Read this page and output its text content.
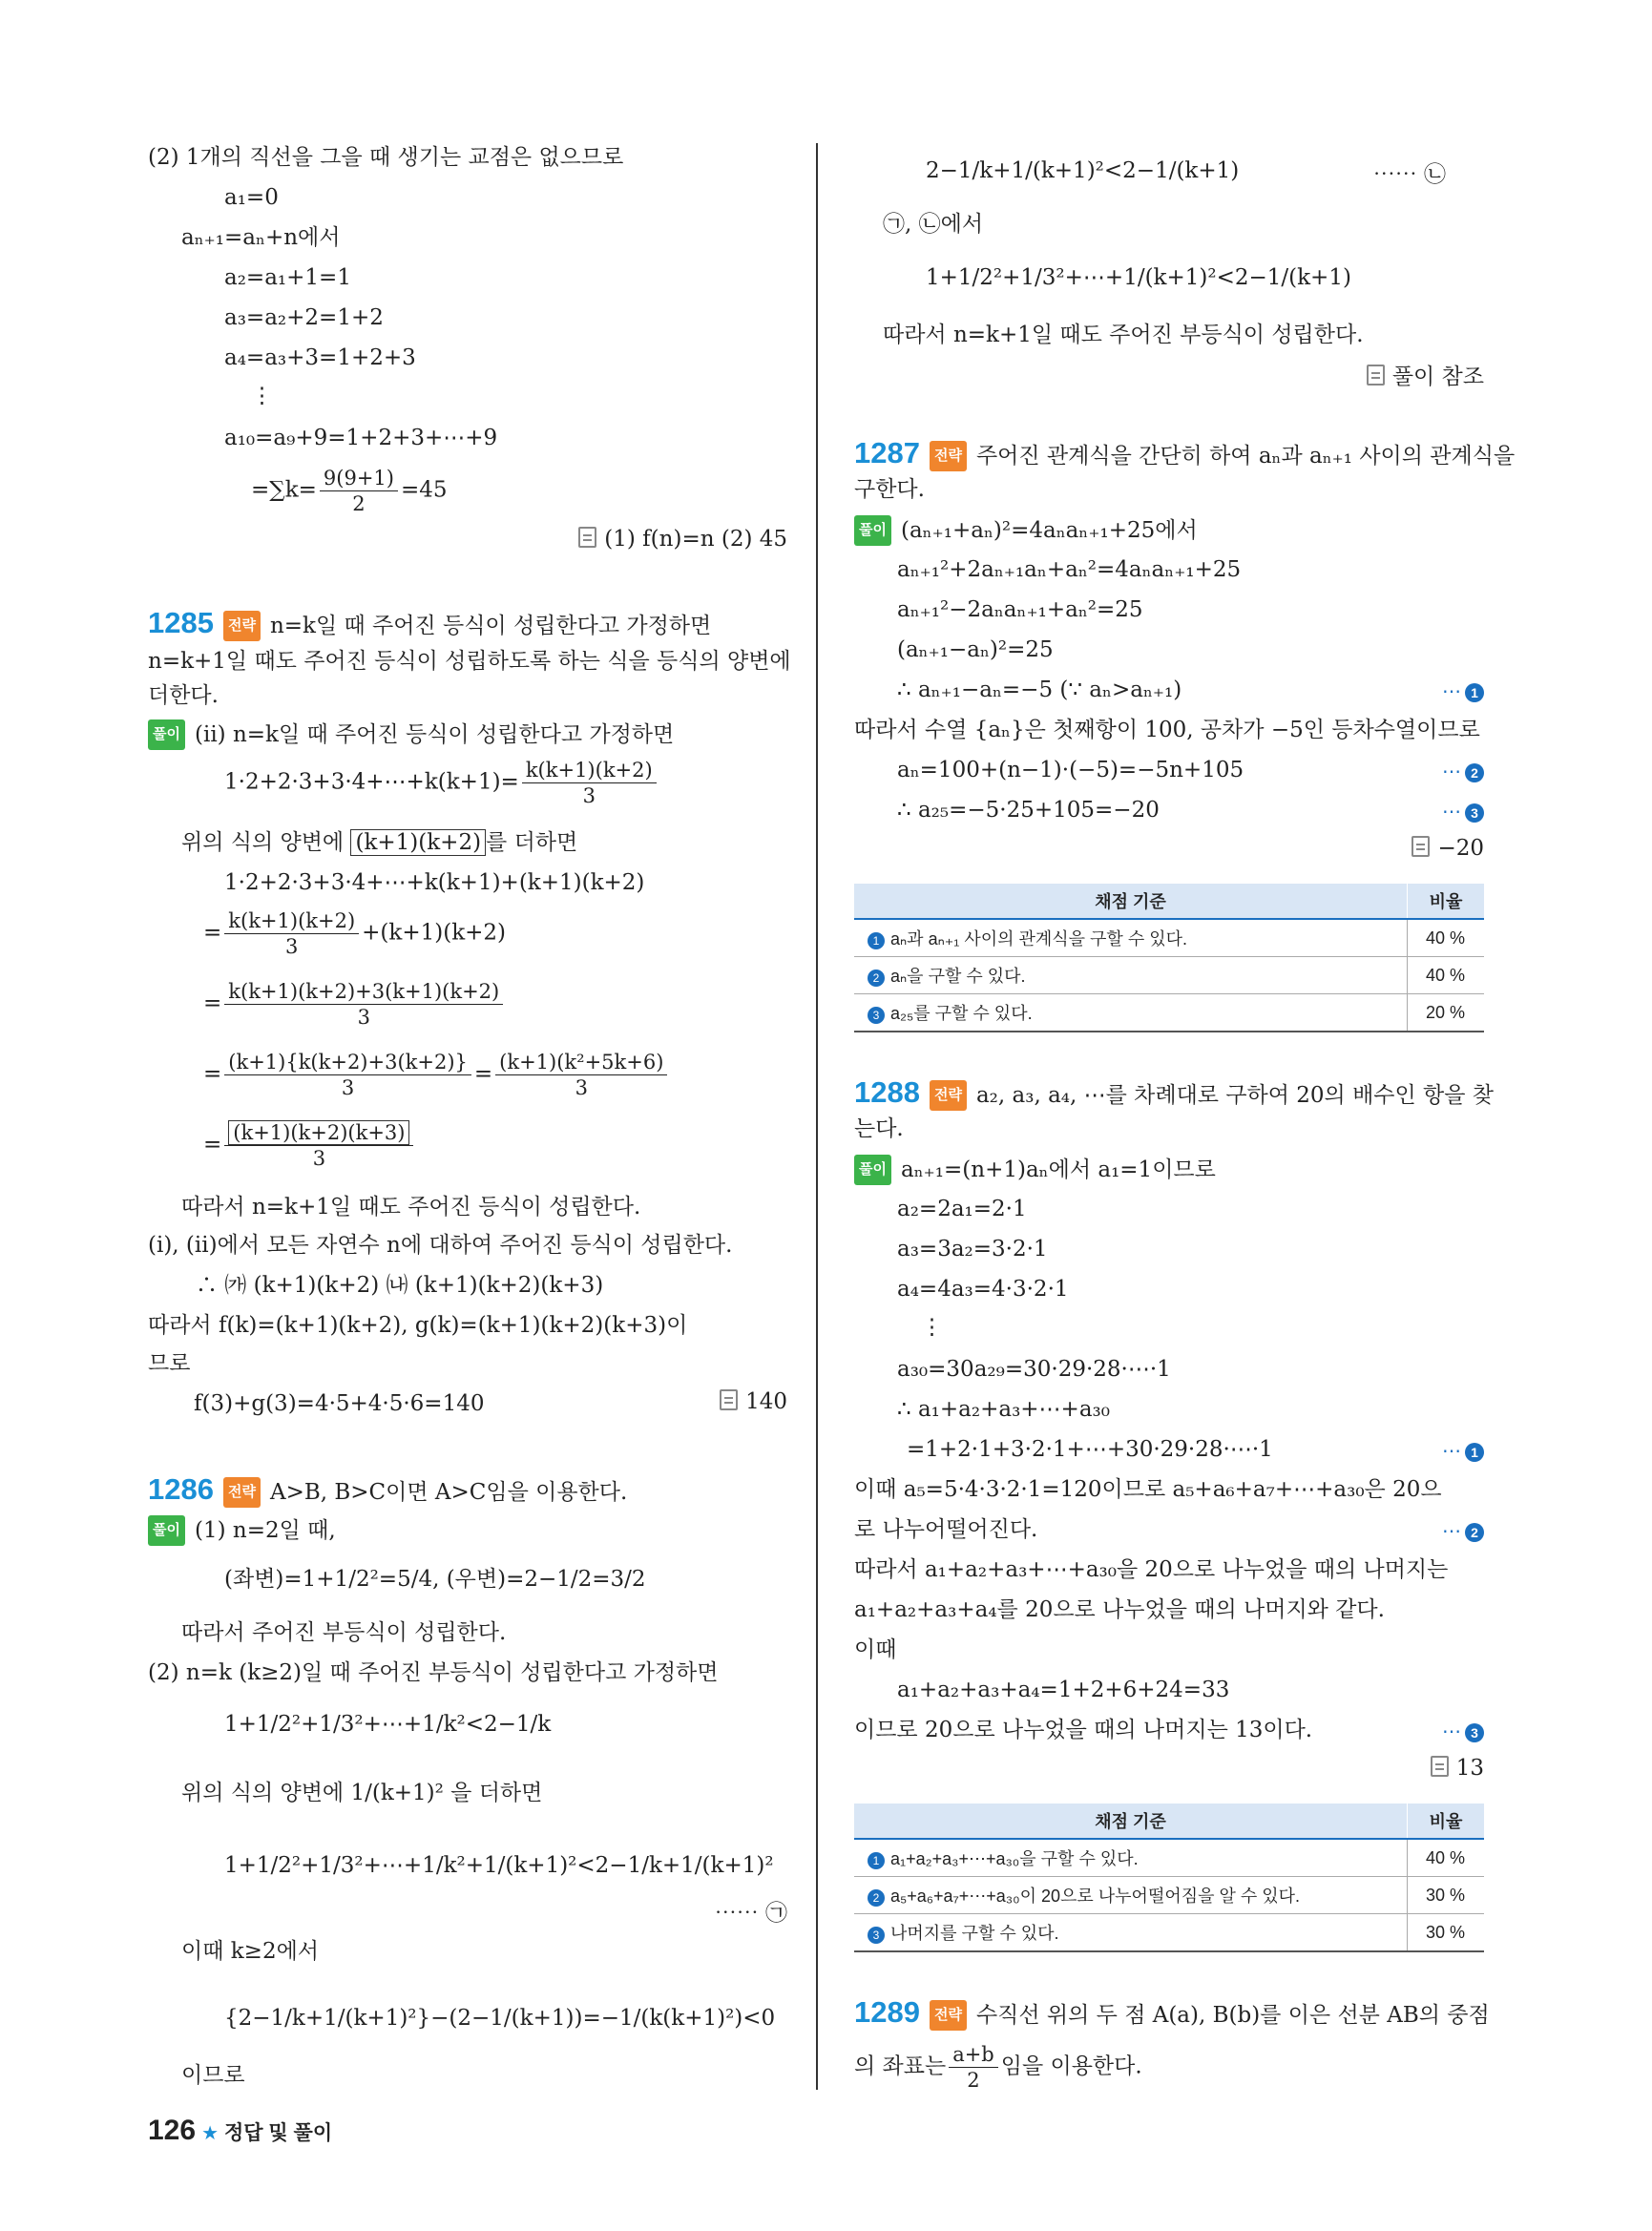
(2) 1개의 직선을 그을 때 생기는 교점은 없으므로
a₁=0
aₙ₊₁=aₙ+n에서
a₂=a₁+1=1
a₃=a₂+2=1+2
a₄=a₃+3=1+2+3
⋮
a₁₀=a₉+9=1+2+3+⋯+9
$=\sum k= \frac{9(9+1)}{2} =45$
(1) f(n)=n (2) 45
1285 전략 n=k일 때 주어진 등식이 성립한다고 가정하면
n=k+1일 때도 주어진 등식이 성립하도록 하는 식을 등식의 양변에
더한다.
풀이 (ii) n=k일 때 주어진 등식이 성립한다고 가정하면
1·2+2·3+3·4+⋯+k(k+1)= $\frac{k(k+1)(k+2)}{3}$
위의 식의 양변에 (k+1)(k+2) 를 더하면
1·2+2·3+3·4+⋯+k(k+1)+(k+1)(k+2)
= $\frac{k(k+1)(k+2)}{3} +(k+1)(k+2)$
= $\frac{k(k+1)(k+2)+3(k+1)(k+2)}{3}$
= $\frac{(k+1)\{k(k+2)+3(k+2)\}}{3} = \frac{\text{(k+1)(k²+5k+6)}}{3}$
= $\frac{(k+1)(k+2)(k+3)}{3}$
따라서 n=k+1일 때도 주어진 등식이 성립한다.
(i), (ii)에서 모든 자연수 n에 대하여 주어진 등식이 성립한다.
∴ ㈎ (k+1)(k+2) ㈏ (k+1)(k+2)(k+3)
따라서 f(k)=(k+1)(k+2), g(k)=(k+1)(k+2)(k+3)이
므로
f(3)+g(3)=4·5+4·5·6=140	140
1286 전략 A>B, B>C이면 A>C임을 이용한다.
풀이 (1) n=2일 때,
(좌변)=1+1/2²=5/4, (우변)=2−1/2=3/2
따라서 주어진 부등식이 성립한다.
(2) n=k (k≥2)일 때 주어진 부등식이 성립한다고 가정하면
1+1/2²+1/3²+⋯+1/k²<2−1/k
위의 식의 양변에 1/(k+1)² 을 더하면
1+1/2²+1/3²+⋯+1/k²+1/(k+1)²<2−1/k+1/(k+1)²
⋯⋯ ㉠
이때 k≥2에서
{2−1/k+1/(k+1)²}−(2−1/(k+1))=−1/(k(k+1)²)<0
이므로
2−1/k+1/(k+1)²<2−1/(k+1)	⋯⋯ ㉡
㉠, ㉡에서
1+1/2²+1/3²+⋯+1/(k+1)²<2−1/(k+1)
따라서 n=k+1일 때도 주어진 부등식이 성립한다.
풀이 참조
1287 전략 주어진 관계식을 간단히 하여 aₙ과 aₙ₊₁ 사이의 관계식을
구한다.
풀이 (aₙ₊₁+aₙ)²=4aₙaₙ₊₁+25에서
aₙ₊₁²+2aₙ₊₁aₙ+aₙ²=4aₙaₙ₊₁+25
aₙ₊₁²−2aₙaₙ₊₁+aₙ²=25
(aₙ₊₁−aₙ)²=25
∴ aₙ₊₁−aₙ=−5 (∵ aₙ>aₙ₊₁)	⋯ 1
따라서 수열 {aₙ}은 첫째항이 100, 공차가 −5인 등차수열이므로
aₙ=100+(n−1)·(−5)=−5n+105	⋯ 2
∴ a₂₅=−5·25+105=−20	⋯ 3
−20
채점 기준	비율
1 aₙ과 aₙ₊₁ 사이의 관계식을 구할 수 있다.	40 %
2 aₙ을 구할 수 있다.	40 %
3 a₂₅를 구할 수 있다.	20 %
1288 전략 a₂, a₃, a₄, ⋯를 차례대로 구하여 20의 배수인 항을 찾
는다.
풀이 aₙ₊₁=(n+1)aₙ에서 a₁=1이므로
a₂=2a₁=2·1
a₃=3a₂=3·2·1
a₄=4a₃=4·3·2·1
⋮
a₃₀=30a₂₉=30·29·28·⋯·1
∴ a₁+a₂+a₃+⋯+a₃₀
=1+2·1+3·2·1+⋯+30·29·28·⋯·1	⋯ 1
이때 a₅=5·4·3·2·1=120이므로 a₅+a₆+a₇+⋯+a₃₀은 20으
로 나누어떨어진다.	⋯ 2
따라서 a₁+a₂+a₃+⋯+a₃₀을 20으로 나누었을 때의 나머지는
a₁+a₂+a₃+a₄를 20으로 나누었을 때의 나머지와 같다.
이때
a₁+a₂+a₃+a₄=1+2+6+24=33
이므로 20으로 나누었을 때의 나머지는 13이다.	⋯ 3
13
채점 기준	비율
1 a₁+a₂+a₃+⋯+a₃₀을 구할 수 있다.	40 %
2 a₅+a₆+a₇+⋯+a₃₀이 20으로 나누어떨어짐을 알 수 있다.	30 %
3 나머지를 구할 수 있다.	30 %
1289 전략 수직선 위의 두 점 A(a), B(b)를 이은 선분 AB의 중점
의 좌표는 $\frac{a+b}{2}$ 임을 이용한다.
126 ★ 정답 및 풀이
